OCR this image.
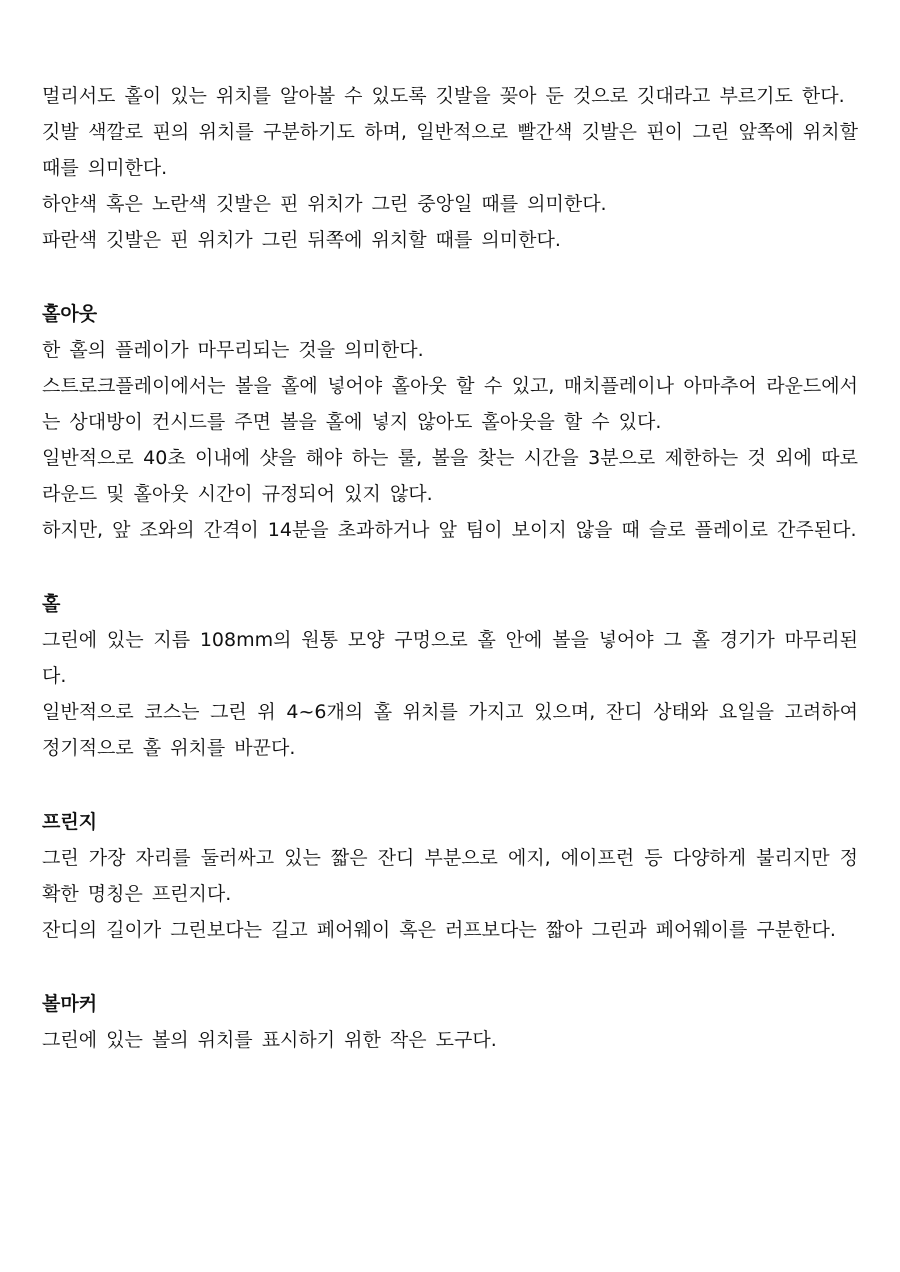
멀리서도 홀이 있는 위치를 알아볼 수 있도록 깃발을 꽂아 둔 것으로 깃대라고 부르기도 한다.

깃발 색깔로 핀의 위치를 구분하기도 하며, 일반적으로 빨간색 깃발은 핀이 그린 앞쪽에 위치할 때를 의미한다.

하얀색 혹은 노란색 깃발은 핀 위치가 그린 중앙일 때를 의미한다.

파란색 깃발은 핀 위치가 그린 뒤쪽에 위치할 때를 의미한다.

홀아웃

한 홀의 플레이가 마무리되는 것을 의미한다.

스트로크플레이에서는 볼을 홀에 넣어야 홀아웃 할 수 있고, 매치플레이나 아마추어 라운드에서는 상대방이 컨시드를 주면 볼을 홀에 넣지 않아도 홀아웃을 할 수 있다.

일반적으로 40초 이내에 샷을 해야 하는 룰, 볼을 찾는 시간을 3분으로 제한하는 것 외에 따로 라운드 및 홀아웃 시간이 규정되어 있지 않다.

하지만, 앞 조와의 간격이 14분을 초과하거나 앞 팀이 보이지 않을 때 슬로 플레이로 간주된다.

홀

그린에 있는 지름 108mm의 원통 모양 구멍으로 홀 안에 볼을 넣어야 그 홀 경기가 마무리된다.

일반적으로 코스는 그린 위 4~6개의 홀 위치를 가지고 있으며, 잔디 상태와 요일을 고려하여 정기적으로 홀 위치를 바꾼다.

프린지

그린 가장 자리를 둘러싸고 있는 짧은 잔디 부분으로 에지, 에이프런 등 다양하게 불리지만 정확한 명칭은 프린지다.

잔디의 길이가 그린보다는 길고 페어웨이 혹은 러프보다는 짧아 그린과 페어웨이를 구분한다.

볼마커

그린에 있는 볼의 위치를 표시하기 위한 작은 도구다.
